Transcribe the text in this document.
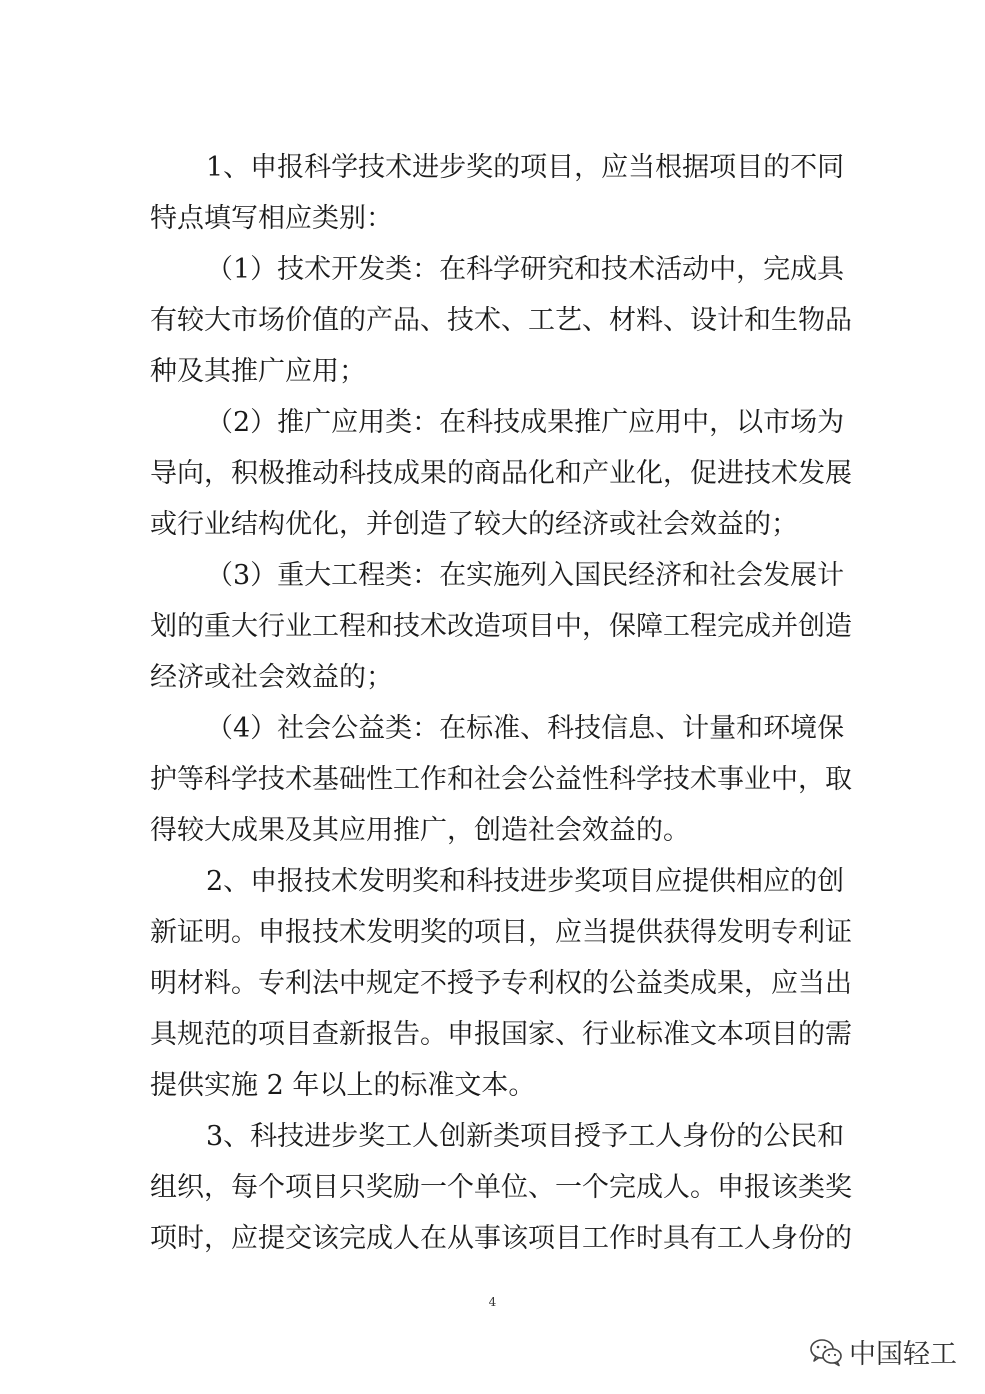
1、申报科学技术进步奖的项目，应当根据项目的不同
特点填写相应类别：
（1）技术开发类：在科学研究和技术活动中，完成具
有较大市场价值的产品、技术、工艺、材料、设计和生物品
种及其推广应用；
（2）推广应用类：在科技成果推广应用中，以市场为
导向，积极推动科技成果的商品化和产业化，促进技术发展
或行业结构优化，并创造了较大的经济或社会效益的；
（3）重大工程类：在实施列入国民经济和社会发展计
划的重大行业工程和技术改造项目中，保障工程完成并创造
经济或社会效益的；
（4）社会公益类：在标准、科技信息、计量和环境保
护等科学技术基础性工作和社会公益性科学技术事业中，取
得较大成果及其应用推广，创造社会效益的。
2、申报技术发明奖和科技进步奖项目应提供相应的创
新证明。申报技术发明奖的项目，应当提供获得发明专利证
明材料。专利法中规定不授予专利权的公益类成果，应当出
具规范的项目查新报告。申报国家、行业标准文本项目的需
提供实施 2 年以上的标准文本。
3、科技进步奖工人创新类项目授予工人身份的公民和
组织，每个项目只奖励一个单位、一个完成人。申报该类奖
项时，应提交该完成人在从事该项目工作时具有工人身份的
4
中国轻工
